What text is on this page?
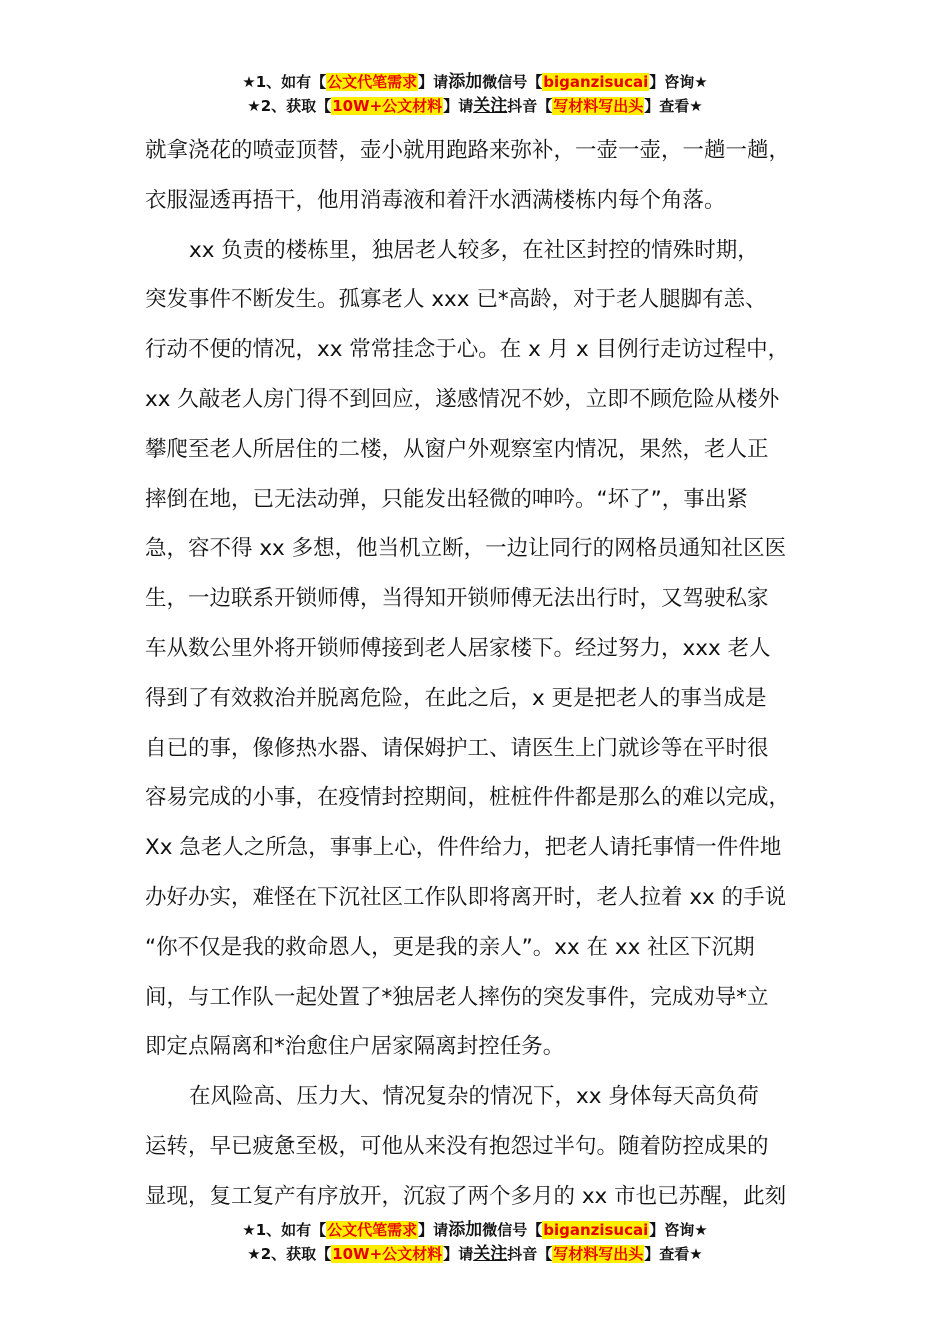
★1、如有【公文代笔需求】请添加微信号【biganzisucai】咨询★
★2、获取【10W+公文材料】请关注抖音【写材料写出头】查看★

就拿浇花的喷壶顶替，壶小就用跑路来弥补，一壶一壶，一趟一趟，
衣服湿透再捂干，他用消毒液和着汗水洒满楼栋内每个角落。

xx 负责的楼栋里，独居老人较多，在社区封控的情殊时期，
突发事件不断发生。孤寡老人 xxx 已*高龄，对于老人腿脚有恙、
行动不便的情况，xx 常常挂念于心。在 x 月 x 目例行走访过程中，
xx 久敲老人房门得不到回应，遂感情况不妙，立即不顾危险从楼外
攀爬至老人所居住的二楼，从窗户外观察室内情况，果然，老人正
摔倒在地，已无法动弹，只能发出轻微的呻吟。“坏了”，事出紧
急，容不得 xx 多想，他当机立断，一边让同行的网格员通知社区医
生，一边联系开锁师傅，当得知开锁师傅无法出行时，又驾驶私家
车从数公里外将开锁师傅接到老人居家楼下。经过努力，xxx 老人
得到了有效救治并脱离危险，在此之后，x 更是把老人的事当成是
自已的事，像修热水器、请保姆护工、请医生上门就诊等在平时很
容易完成的小事，在疫情封控期间，桩桩件件都是那么的难以完成，
Xx 急老人之所急，事事上心，件件给力，把老人请托事情一件件地
办好办实，难怪在下沉社区工作队即将离开时，老人拉着 xx 的手说
“你不仅是我的救命恩人，更是我的亲人”。xx 在 xx 社区下沉期
间，与工作队一起处置了*独居老人摔伤的突发事件，完成劝导*立
即定点隔离和*治愈住户居家隔离封控任务。

在风险高、压力大、情况复杂的情况下，xx 身体每天高负荷
运转，早已疲惫至极，可他从来没有抱怨过半句。随着防控成果的
显现，复工复产有序放开，沉寂了两个多月的 xx 市也已苏醒，此刻

★1、如有【公文代笔需求】请添加微信号【biganzisucai】咨询★
★2、获取【10W+公文材料】请关注抖音【写材料写出头】查看★
